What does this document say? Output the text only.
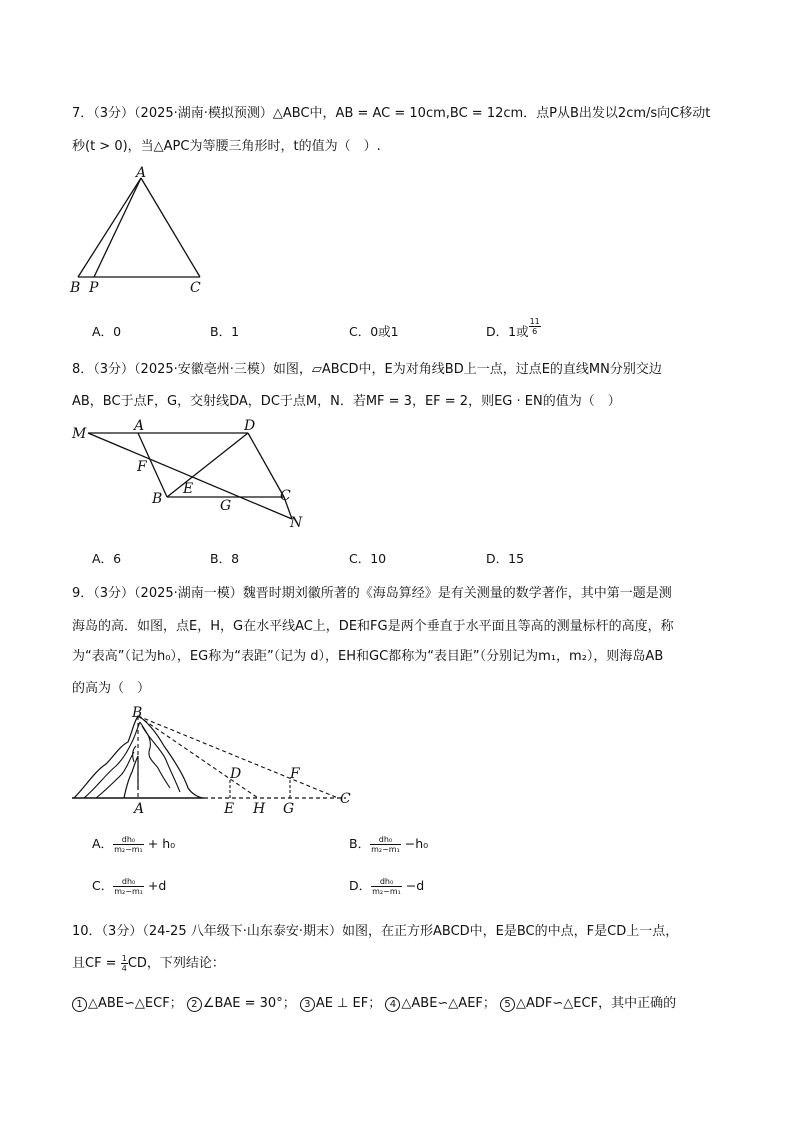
7．（3分）（2025·湖南·模拟预测）△ABC中，AB = AC = 10cm,BC = 12cm．点P从B出发以2cm/s向C移动t
秒(t > 0)，当△APC为等腰三角形时，t的值为（　）.
A
B P	C
A．0	B．1	C．0或1	D．1或 $\frac{11}{6}$
8．（3分）（2025·安徽亳州·三模）如图，▱ABCD中，E为对角线BD上一点，过点E的直线MN分别交边
AB，BC于点F，G，交射线DA，DC于点M，N．若MF = 3，EF = 2，则EG · EN的值为（　）
M	A	D
F
E
B	G
C
N
A．6	B．8	C．10	D．15
9．（3分）（2025·湖南一模）魏晋时期刘徽所著的《海岛算经》是有关测量的数学著作，其中第一题是测
海岛的高．如图，点E，H，G在水平线AC上，DE和FG是两个垂直于水平面且等高的测量标杆的高度，称
为“表高”（记为h₀），EG称为“表距”（记为 d），EH和GC都称为“表目距”（分别记为m₁，m₂），则海岛AB
的高为（　）
B
D	F
A	E H G
C
A． $\frac{\text{dh₀}}{\text{m₂−m₁}} + h_0$	B． $\frac{\text{dh₀}}{\text{m₂−m₁}} -h_0$
C． $\frac{\text{dh₀}}{\text{m₂−m₁}} +d$	D． $\frac{\text{dh₀}}{\text{m₂−m₁}} -d$
10．（3分）（24-25 八年级下·山东泰安·期末）如图，在正方形ABCD中，E是BC的中点，F是CD上一点，
且CF = $\frac{1}{4}$ CD，下列结论：
1 △ABE∽△ECF； 2 ∠BAE = 30°； 3 AE ⊥ EF； 4 △ABE∽△AEF； 5 △ADF∽△ECF，其中正确的
